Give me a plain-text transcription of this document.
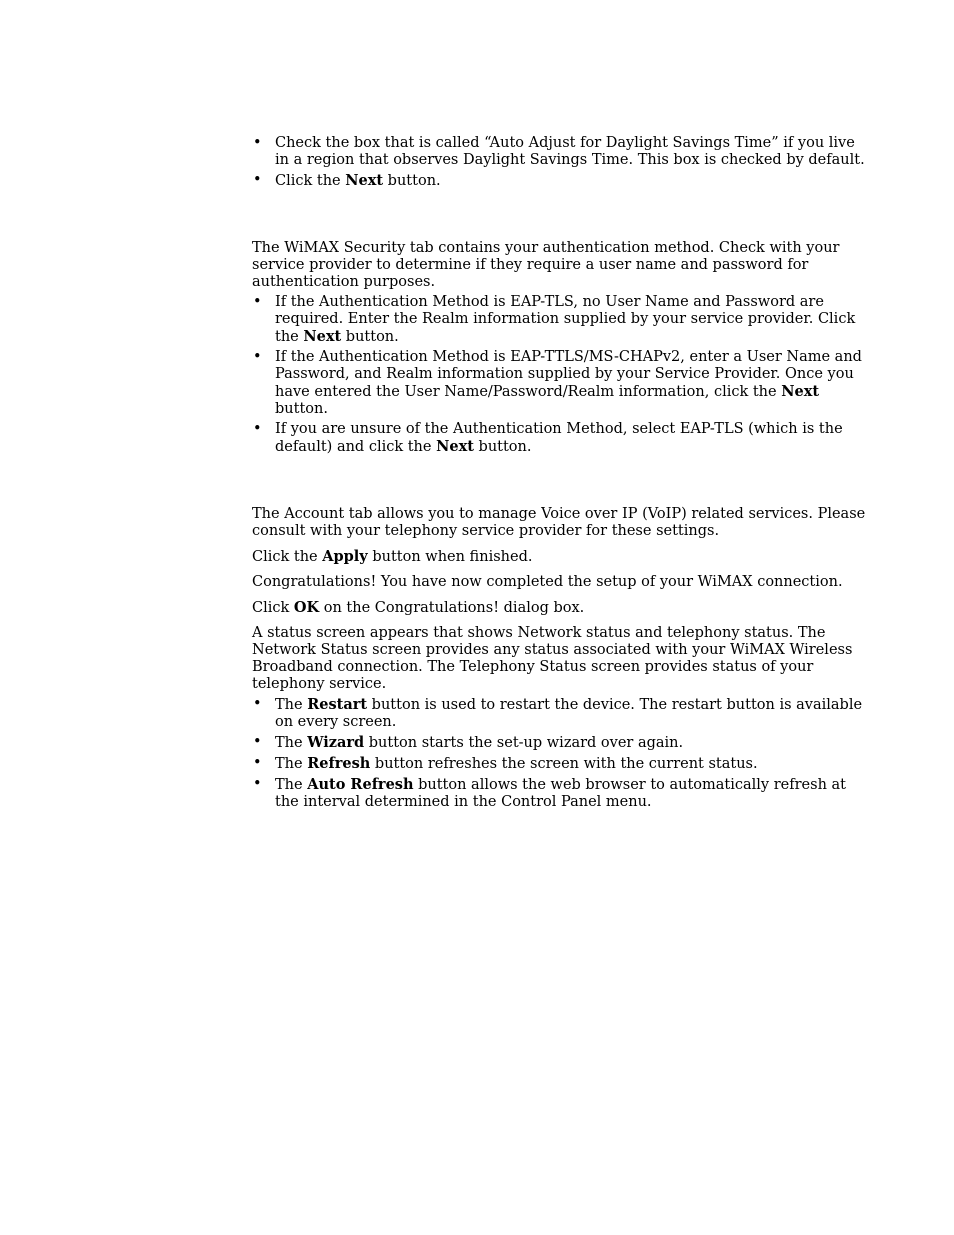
• Check the box that is called “Auto Adjust for Daylight Savings Time” if you live in a region that observes Daylight Savings Time. This box is checked by default.
• Click the Next button.

The WiMAX Security tab contains your authentication method. Check with your service provider to determine if they require a user name and password for authentication purposes.

• If the Authentication Method is EAP-TLS, no User Name and Password are required. Enter the Realm information supplied by your service provider. Click the Next button.
• If the Authentication Method is EAP-TTLS/MS-CHAPv2, enter a User Name and Password, and Realm information supplied by your Service Provider. Once you have entered the User Name/Password/Realm information, click the Next button.
• If you are unsure of the Authentication Method, select EAP-TLS (which is the default) and click the Next button.

The Account tab allows you to manage Voice over IP (VoIP) related services. Please consult with your telephony service provider for these settings.

Click the Apply button when finished.

Congratulations! You have now completed the setup of your WiMAX connection.

Click OK on the Congratulations! dialog box.

A status screen appears that shows Network status and telephony status. The Network Status screen provides any status associated with your WiMAX Wireless Broadband connection. The Telephony Status screen provides status of your telephony service.

• The Restart button is used to restart the device. The restart button is available on every screen.
• The Wizard button starts the set-up wizard over again.
• The Refresh button refreshes the screen with the current status.
• The Auto Refresh button allows the web browser to automatically refresh at the interval determined in the Control Panel menu.
